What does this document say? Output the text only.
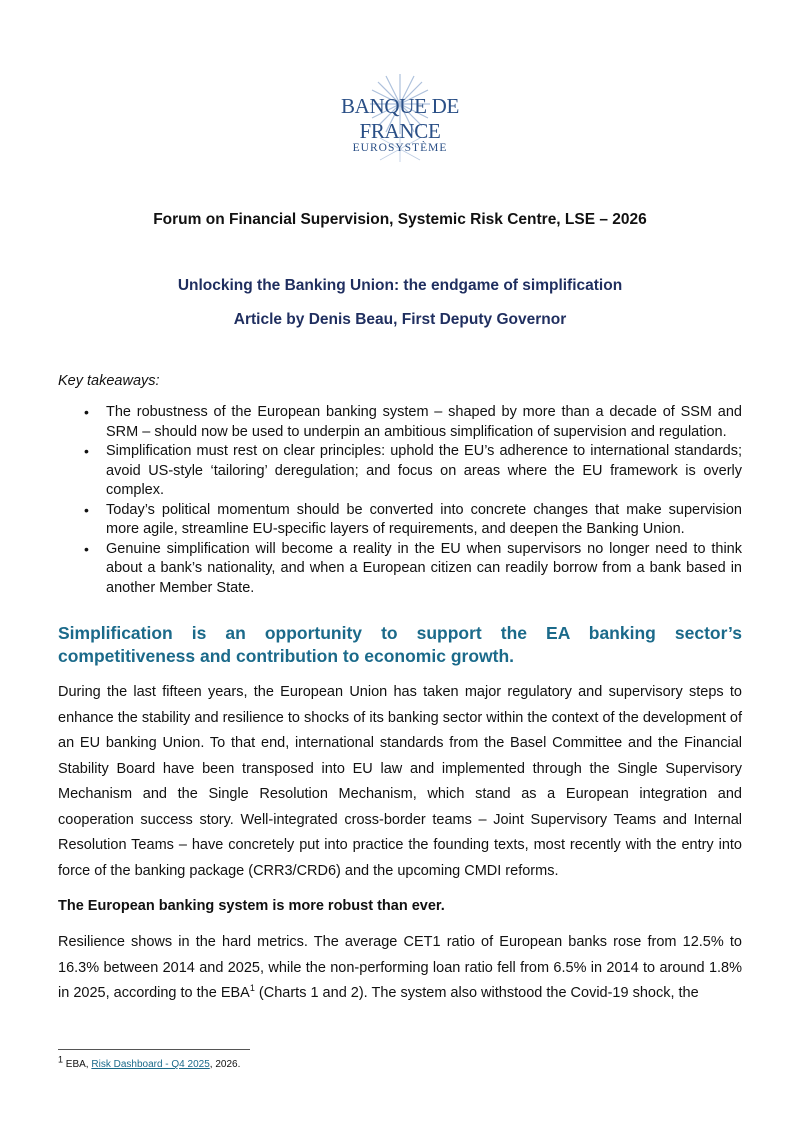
BANQUE DE FRANCE
EUROSYSTÈME
Forum on Financial Supervision, Systemic Risk Centre, LSE – 2026
Unlocking the Banking Union: the endgame of simplification
Article by Denis Beau, First Deputy Governor
Key takeaways:
• The robustness of the European banking system – shaped by more than a decade of SSM and SRM – should now be used to underpin an ambitious simplification of supervision and regulation.
• Simplification must rest on clear principles: uphold the EU’s adherence to international standards; avoid US-style ‘tailoring’ deregulation; and focus on areas where the EU framework is overly complex.
• Today’s political momentum should be converted into concrete changes that make supervision more agile, streamline EU-specific layers of requirements, and deepen the Banking Union.
• Genuine simplification will become a reality in the EU when supervisors no longer need to think about a bank’s nationality, and when a European citizen can readily borrow from a bank based in another Member State.
Simplification is an opportunity to support the EA banking sector’s competitiveness and contribution to economic growth.

During the last fifteen years, the European Union has taken major regulatory and supervisory steps to enhance the stability and resilience to shocks of its banking sector within the context of the development of an EU banking Union. To that end, international standards from the Basel Committee and the Financial Stability Board have been transposed into EU law and implemented through the Single Supervisory Mechanism and the Single Resolution Mechanism, which stand as a European integration and cooperation success story. Well-integrated cross-border teams – Joint Supervisory Teams and Internal Resolution Teams – have concretely put into practice the founding texts, most recently with the entry into force of the banking package (CRR3/CRD6) and the upcoming CMDI reforms.

The European banking system is more robust than ever.

Resilience shows in the hard metrics. The average CET1 ratio of European banks rose from 12.5% to 16.3% between 2014 and 2025, while the non-performing loan ratio fell from 6.5% in 2014 to around 1.8% in 2025, according to the EBA$^1$ (Charts 1 and 2). The system also withstood the Covid-19 shock, the

$^1$ EBA, Risk Dashboard - Q4 2025, 2026.
